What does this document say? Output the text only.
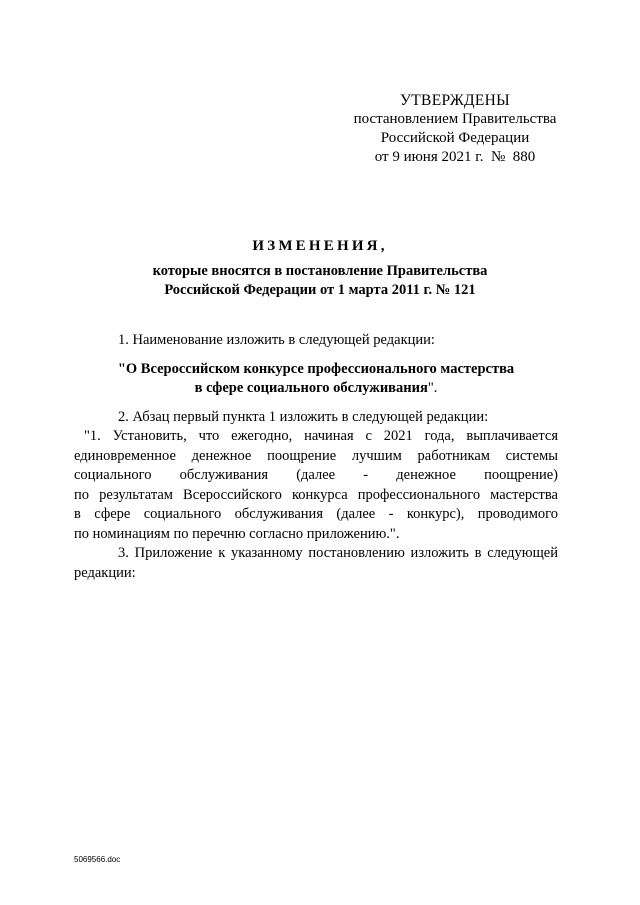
УТВЕРЖДЕНЫ
постановлением Правительства
Российской Федерации
от 9 июня 2021 г.  №  880
ИЗМЕНЕНИЯ,
которые вносятся в постановление Правительства
Российской Федерации от 1 марта 2011 г. № 121

1. Наименование изложить в следующей редакции:

"О Всероссийском конкурсе профессионального мастерства
в сфере социального обслуживания".
2. Абзац первый пункта 1 изложить в следующей редакции:
"1. Установить, что ежегодно, начиная с 2021 года, выплачивается
единовременное денежное поощрение лучшим работникам системы
социального обслуживания (далее - денежное поощрение)
по результатам Всероссийского конкурса профессионального мастерства
в сфере социального обслуживания (далее - конкурс), проводимого
по номинациям по перечню согласно приложению.".
3. Приложение к указанному постановлению изложить в следующей
редакции:
5069566.doc
